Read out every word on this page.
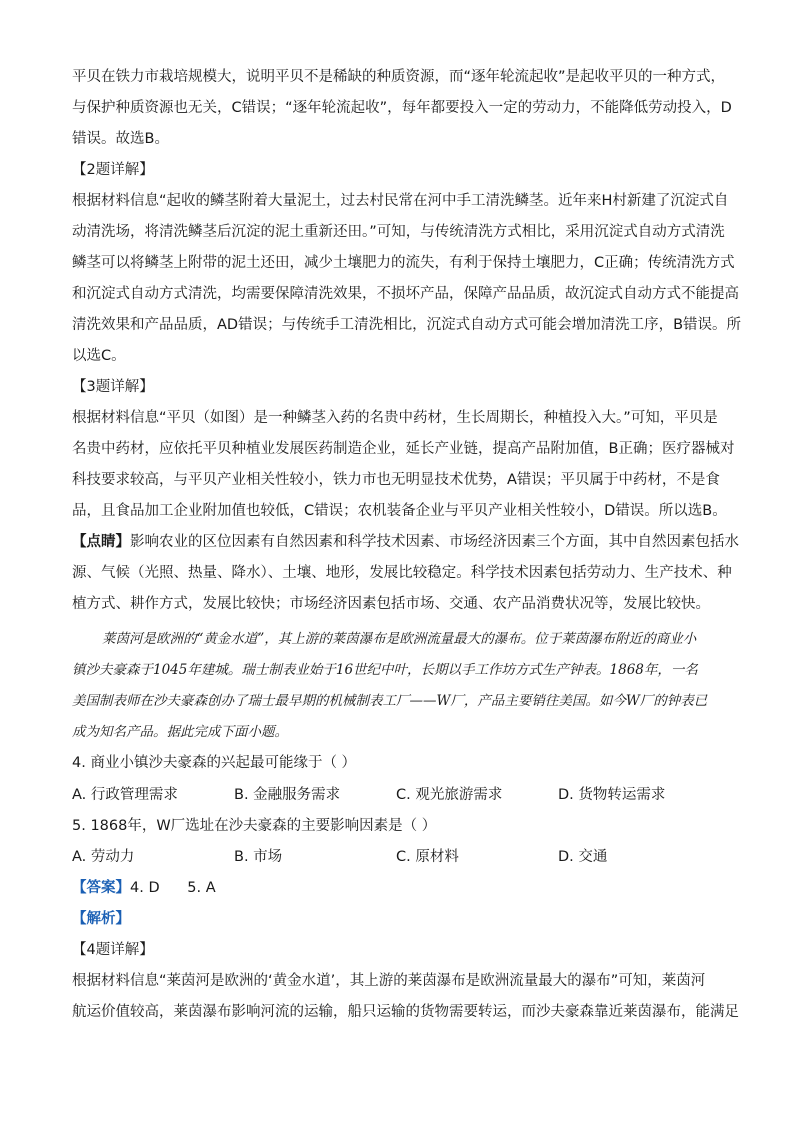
平贝在铁力市栽培规模大，说明平贝不是稀缺的种质资源，而“逐年轮流起收”是起收平贝的一种方式，
与保护种质资源也无关，C错误；“逐年轮流起收”，每年都要投入一定的劳动力，不能降低劳动投入，D
错误。故选B。
【2题详解】
根据材料信息“起收的鳞茎附着大量泥土，过去村民常在河中手工清洗鳞茎。近年来H村新建了沉淀式自
动清洗场，将清洗鳞茎后沉淀的泥土重新还田。”可知，与传统清洗方式相比，采用沉淀式自动方式清洗
鳞茎可以将鳞茎上附带的泥土还田，减少土壤肥力的流失，有利于保持土壤肥力，C正确；传统清洗方式
和沉淀式自动方式清洗，均需要保障清洗效果，不损坏产品，保障产品品质，故沉淀式自动方式不能提高
清洗效果和产品品质，AD错误；与传统手工清洗相比，沉淀式自动方式可能会增加清洗工序，B错误。所
以选C。
【3题详解】
根据材料信息“平贝（如图）是一种鳞茎入药的名贵中药材，生长周期长，种植投入大。”可知，平贝是
名贵中药材，应依托平贝种植业发展医药制造企业，延长产业链，提高产品附加值，B正确；医疗器械对
科技要求较高，与平贝产业相关性较小，铁力市也无明显技术优势，A错误；平贝属于中药材，不是食
品，且食品加工企业附加值也较低，C错误；农机装备企业与平贝产业相关性较小，D错误。所以选B。
【点睛】影响农业的区位因素有自然因素和科学技术因素、市场经济因素三个方面，其中自然因素包括水
源、气候（光照、热量、降水）、土壤、地形，发展比较稳定。科学技术因素包括劳动力、生产技术、种
植方式、耕作方式，发展比较快；市场经济因素包括市场、交通、农产品消费状况等，发展比较快。
莱茵河是欧洲的“黄金水道”，其上游的莱茵瀑布是欧洲流量最大的瀑布。位于莱茵瀑布附近的商业小
镇沙夫豪森于1045年建城。瑞士制表业始于16世纪中叶，长期以手工作坊方式生产钟表。1868年，一名
美国制表师在沙夫豪森创办了瑞士最早期的机械制表工厂——W厂，产品主要销往美国。如今W厂的钟表已
成为知名产品。据此完成下面小题。
4. 商业小镇沙夫豪森的兴起最可能缘于（ ）
A. 行政管理需求	B. 金融服务需求	C. 观光旅游需求	D. 货物转运需求
5. 1868年，W厂选址在沙夫豪森的主要影响因素是（ ）
A. 劳动力	B. 市场	C. 原材料	D. 交通
【答案】4. D      5. A
【解析】
【4题详解】
根据材料信息“莱茵河是欧洲的‘黄金水道’，其上游的莱茵瀑布是欧洲流量最大的瀑布”可知，莱茵河
航运价值较高，莱茵瀑布影响河流的运输，船只运输的货物需要转运，而沙夫豪森靠近莱茵瀑布，能满足
